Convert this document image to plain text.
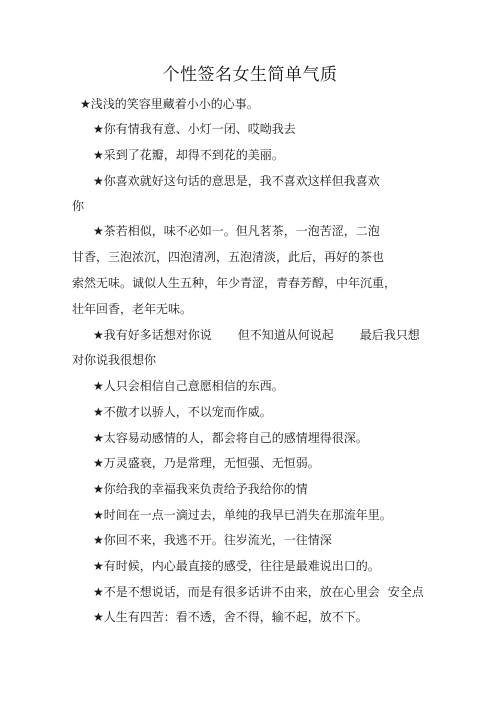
个性签名女生简单气质
★浅浅的笑容里藏着小小的心事。
★你有情我有意、小灯一闭、哎呦我去
★采到了花瓣，却得不到花的美丽。
★你喜欢就好这句话的意思是，我不喜欢这样但我喜欢
你
★茶若相似，味不必如一。但凡茗茶，一泡苦涩，二泡
甘香，三泡浓沉，四泡清冽，五泡清淡，此后，再好的茶也
索然无味。诚似人生五种，年少青涩，青春芳醇，中年沉重，
壮年回香，老年无味。
★我有好多话想对你说 但不知道从何说起 最后我只想
对你说我很想你
★人只会相信自己意愿相信的东西。
★不傲才以骄人，不以宠而作威。
★太容易动感情的人，都会将自己的感情埋得很深。
★万灵盛衰，乃是常理，无恒强、无恒弱。
★你给我的幸福我来负责给予我给你的情
★时间在一点一滴过去，单纯的我早已消失在那流年里。
★你回不来，我逃不开。往岁流光，一往情深
★有时候，内心最直接的感受，往往是最难说出口的。
★不是不想说话，而是有很多话讲不由来，放在心里会 安全点
★人生有四苦：看不透，舍不得，输不起，放不下。
